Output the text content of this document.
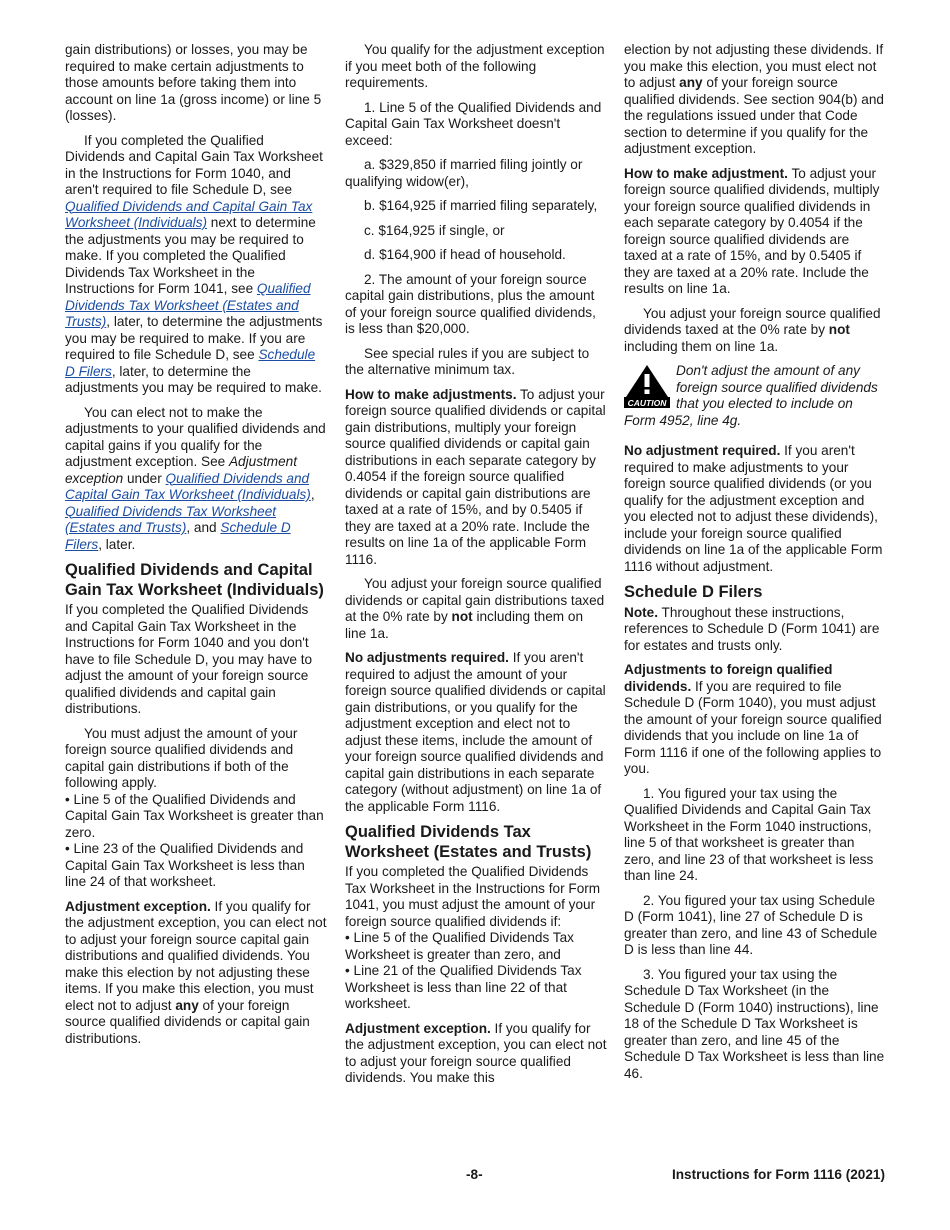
gain distributions) or losses, you may be required to make certain adjustments to those amounts before taking them into account on line 1a (gross income) or line 5 (losses).

If you completed the Qualified Dividends and Capital Gain Tax Worksheet in the Instructions for Form 1040, and aren't required to file Schedule D, see Qualified Dividends and Capital Gain Tax Worksheet (Individuals) next to determine the adjustments you may be required to make. If you completed the Qualified Dividends Tax Worksheet in the Instructions for Form 1041, see Qualified Dividends Tax Worksheet (Estates and Trusts), later, to determine the adjustments you may be required to make. If you are required to file Schedule D, see Schedule D Filers, later, to determine the adjustments you may be required to make.

You can elect not to make the adjustments to your qualified dividends and capital gains if you qualify for the adjustment exception. See Adjustment exception under Qualified Dividends and Capital Gain Tax Worksheet (Individuals), Qualified Dividends Tax Worksheet (Estates and Trusts), and Schedule D Filers, later.

Qualified Dividends and Capital Gain Tax Worksheet (Individuals)

If you completed the Qualified Dividends and Capital Gain Tax Worksheet in the Instructions for Form 1040 and you don't have to file Schedule D, you may have to adjust the amount of your foreign source qualified dividends and capital gain distributions.

You must adjust the amount of your foreign source qualified dividends and capital gain distributions if both of the following apply.

• Line 5 of the Qualified Dividends and Capital Gain Tax Worksheet is greater than zero.

• Line 23 of the Qualified Dividends and Capital Gain Tax Worksheet is less than line 24 of that worksheet.

Adjustment exception. If you qualify for the adjustment exception, you can elect not to adjust your foreign source capital gain distributions and qualified dividends. You make this election by not adjusting these items. If you make this election, you must elect not to adjust any of your foreign source qualified dividends or capital gain distributions.

You qualify for the adjustment exception if you meet both of the following requirements.

1. Line 5 of the Qualified Dividends and Capital Gain Tax Worksheet doesn't exceed:

a. $329,850 if married filing jointly or qualifying widow(er),

b. $164,925 if married filing separately,

c. $164,925 if single, or

d. $164,900 if head of household.

2. The amount of your foreign source capital gain distributions, plus the amount of your foreign source qualified dividends, is less than $20,000.

See special rules if you are subject to the alternative minimum tax.

How to make adjustments. To adjust your foreign source qualified dividends or capital gain distributions, multiply your foreign source qualified dividends or capital gain distributions in each separate category by 0.4054 if the foreign source qualified dividends or capital gain distributions are taxed at a rate of 15%, and by 0.5405 if they are taxed at a 20% rate. Include the results on line 1a of the applicable Form 1116.

You adjust your foreign source qualified dividends or capital gain distributions taxed at the 0% rate by not including them on line 1a.

No adjustments required. If you aren't required to adjust the amount of your foreign source qualified dividends or capital gain distributions, or you qualify for the adjustment exception and elect not to adjust these items, include the amount of your foreign source qualified dividends and capital gain distributions in each separate category (without adjustment) on line 1a of the applicable Form 1116.

Qualified Dividends Tax Worksheet (Estates and Trusts)

If you completed the Qualified Dividends Tax Worksheet in the Instructions for Form 1041, you must adjust the amount of your foreign source qualified dividends if:

• Line 5 of the Qualified Dividends Tax Worksheet is greater than zero, and

• Line 21 of the Qualified Dividends Tax Worksheet is less than line 22 of that worksheet.

Adjustment exception. If you qualify for the adjustment exception, you can elect not to adjust your foreign source qualified dividends. You make this

election by not adjusting these dividends. If you make this election, you must elect not to adjust any of your foreign source qualified dividends. See section 904(b) and the regulations issued under that Code section to determine if you qualify for the adjustment exception.

How to make adjustment. To adjust your foreign source qualified dividends, multiply your foreign source qualified dividends in each separate category by 0.4054 if the foreign source qualified dividends are taxed at a rate of 15%, and by 0.5405 if they are taxed at a 20% rate. Include the results on line 1a.

You adjust your foreign source qualified dividends taxed at the 0% rate by not including them on line 1a.

CAUTION
Don't adjust the amount of any foreign source qualified dividends that you elected to include on Form 4952, line 4g.

No adjustment required. If you aren't required to make adjustments to your foreign source qualified dividends (or you qualify for the adjustment exception and you elected not to adjust these dividends), include your foreign source qualified dividends on line 1a of the applicable Form 1116 without adjustment.

Schedule D Filers

Note. Throughout these instructions, references to Schedule D (Form 1041) are for estates and trusts only.

Adjustments to foreign qualified dividends. If you are required to file Schedule D (Form 1040), you must adjust the amount of your foreign source qualified dividends that you include on line 1a of Form 1116 if one of the following applies to you.

1. You figured your tax using the Qualified Dividends and Capital Gain Tax Worksheet in the Form 1040 instructions, line 5 of that worksheet is greater than zero, and line 23 of that worksheet is less than line 24.

2. You figured your tax using Schedule D (Form 1041), line 27 of Schedule D is greater than zero, and line 43 of Schedule D is less than line 44.

3. You figured your tax using the Schedule D Tax Worksheet (in the Schedule D (Form 1040) instructions), line 18 of the Schedule D Tax Worksheet is greater than zero, and line 45 of the Schedule D Tax Worksheet is less than line 46.

-8-	Instructions for Form 1116 (2021)
